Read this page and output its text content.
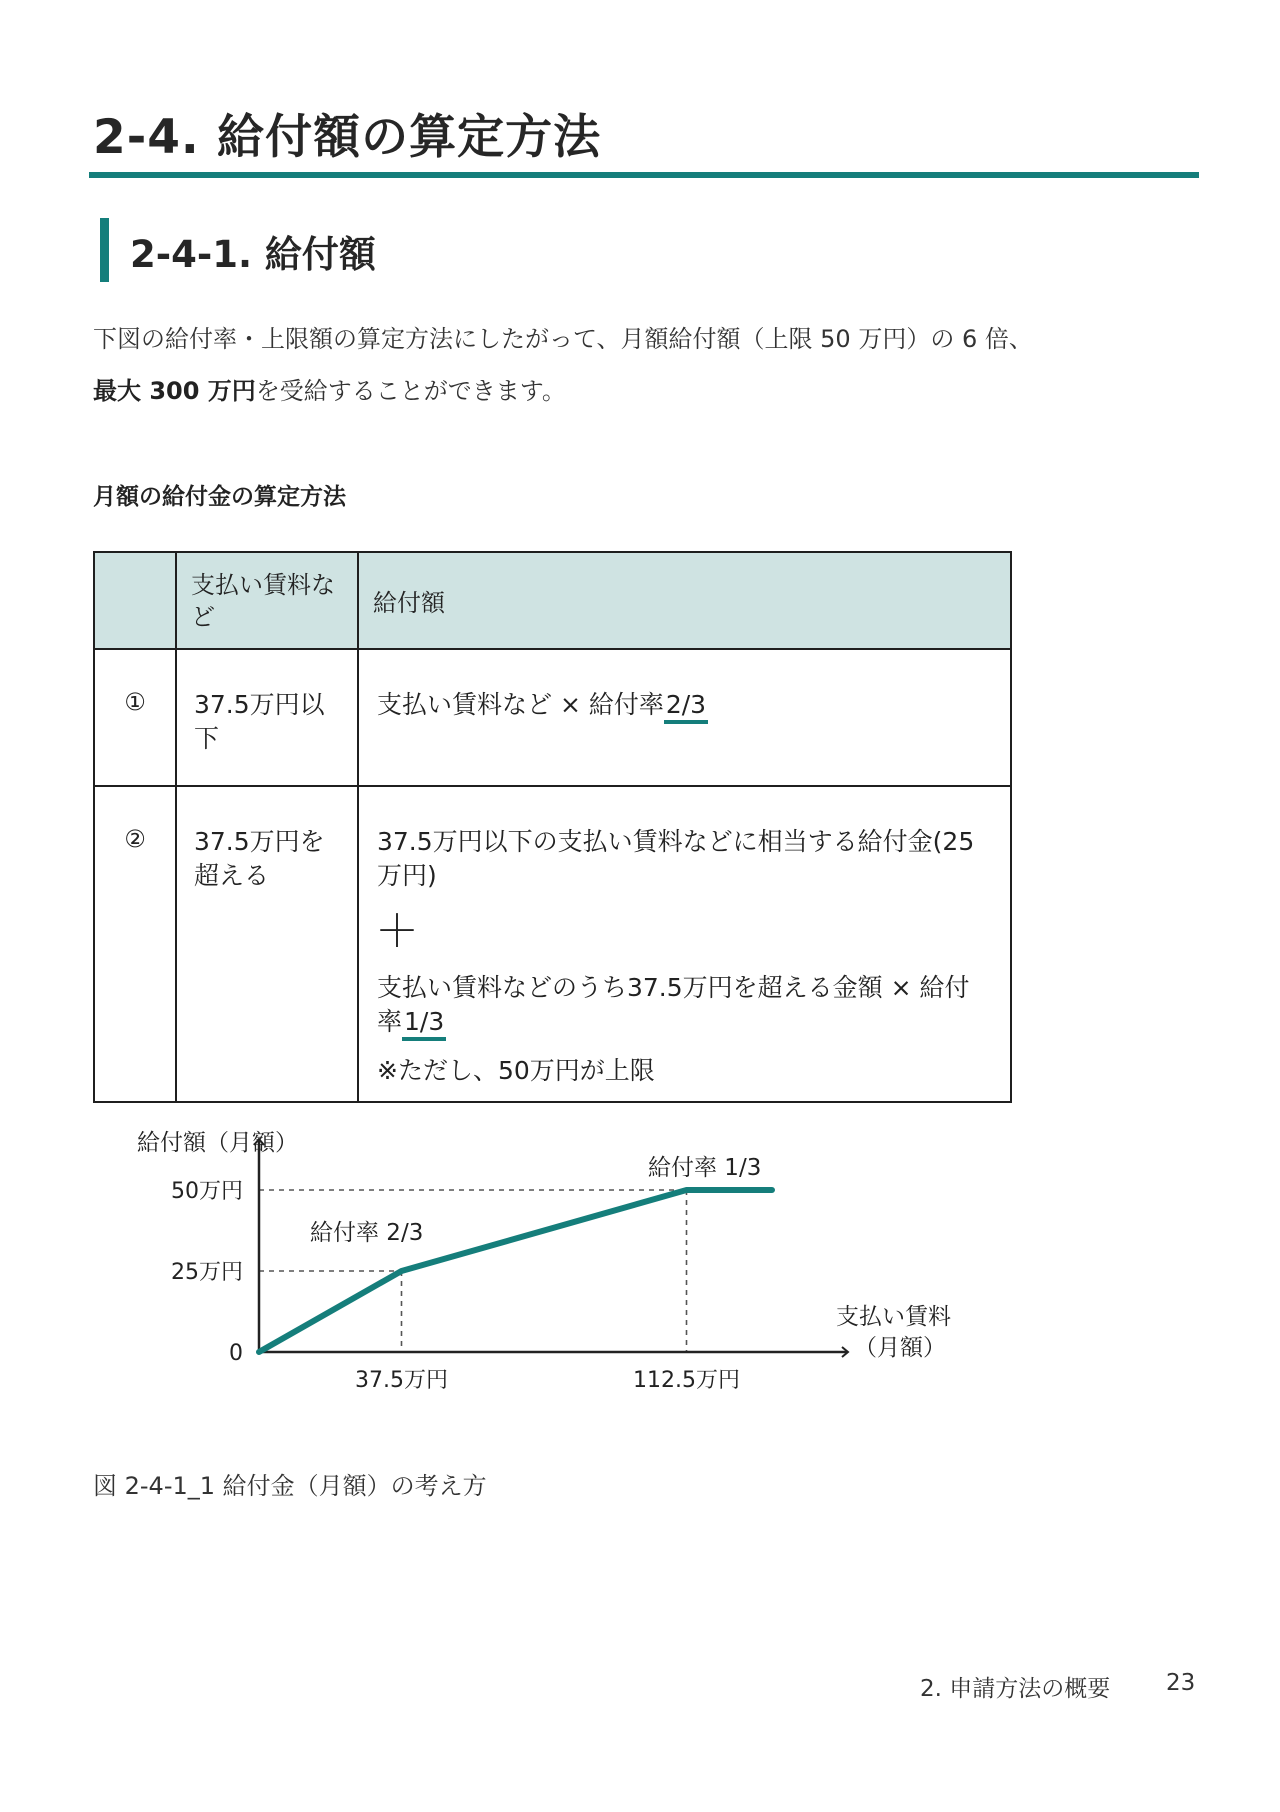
2-4. 給付額の算定方法
2-4-1. 給付額
下図の給付率・上限額の算定方法にしたがって、月額給付額（上限 50 万円）の 6 倍、
最大 300 万円を受給することができます。
月額の給付金の算定方法
	支払い賃料など	給付額
①	37.5万円以下	支払い賃料など × 給付率2/3
②	37.5万円を超える	37.5万円以下の支払い賃料などに相当する給付金(25万円)
＋
支払い賃料などのうち37.5万円を超える金額 × 給付率1/3
※ただし、50万円が上限
0
25万円
50万円
37.5万円	112.5万円
給付額（月額）
支払い賃料
（月額）
給付率 2/3
給付率 1/3
図 2-4-1_1 給付金（月額）の考え方
2. 申請方法の概要 23
